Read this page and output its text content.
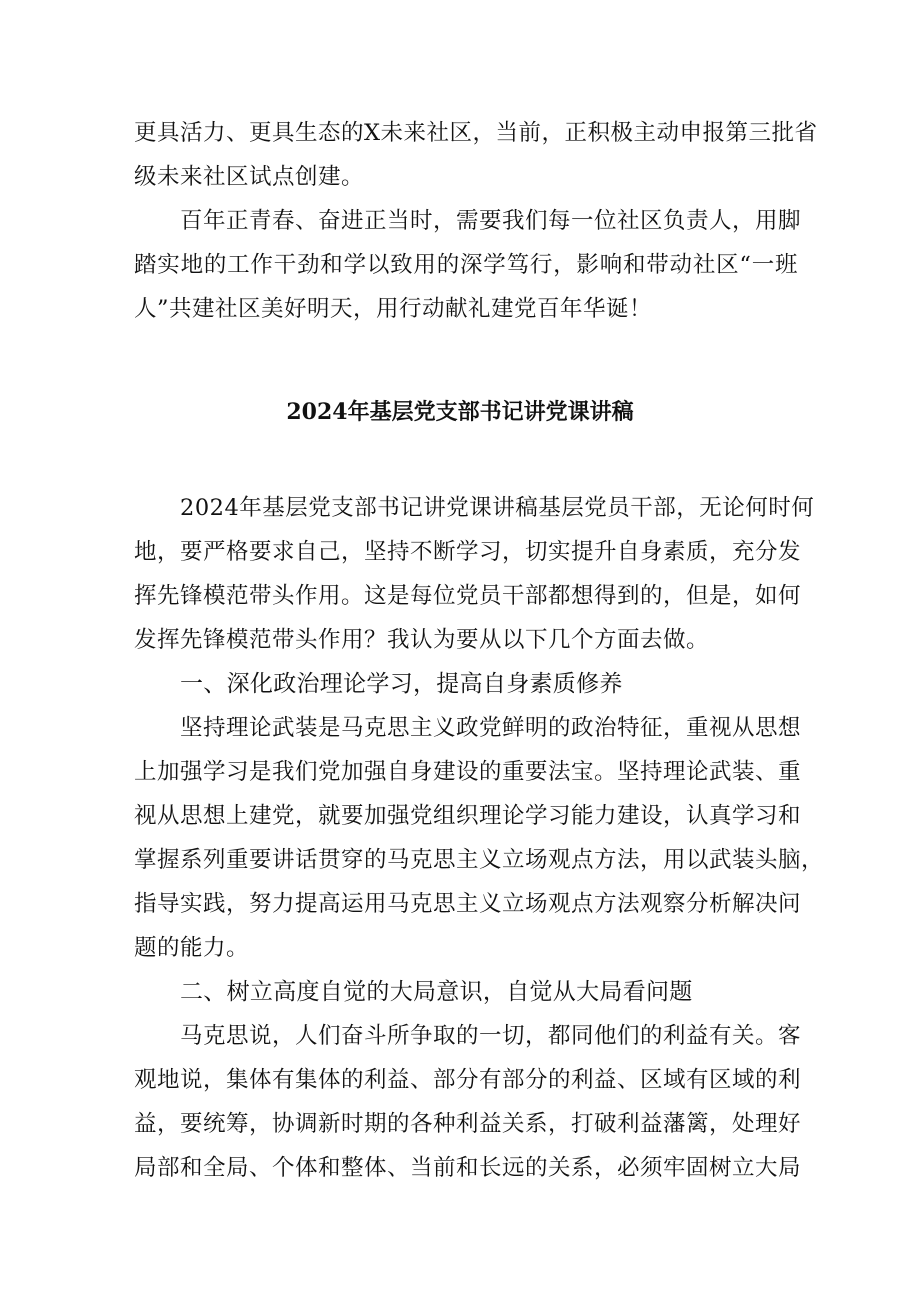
更具活力、更具生态的X未来社区，当前，正积极主动申报第三批省
级未来社区试点创建。
百年正青春、奋进正当时，需要我们每一位社区负责人，用脚
踏实地的工作干劲和学以致用的深学笃行，影响和带动社区“一班
人”共建社区美好明天，用行动献礼建党百年华诞！
2024年基层党支部书记讲党课讲稿
2024年基层党支部书记讲党课讲稿基层党员干部，无论何时何
地，要严格要求自己，坚持不断学习，切实提升自身素质，充分发
挥先锋模范带头作用。这是每位党员干部都想得到的，但是，如何
发挥先锋模范带头作用？我认为要从以下几个方面去做。
一、深化政治理论学习，提高自身素质修养
坚持理论武装是马克思主义政党鲜明的政治特征，重视从思想
上加强学习是我们党加强自身建设的重要法宝。坚持理论武装、重
视从思想上建党，就要加强党组织理论学习能力建设，认真学习和
掌握系列重要讲话贯穿的马克思主义立场观点方法，用以武装头脑，
指导实践，努力提高运用马克思主义立场观点方法观察分析解决问
题的能力。
二、树立高度自觉的大局意识，自觉从大局看问题
马克思说，人们奋斗所争取的一切，都同他们的利益有关。客
观地说，集体有集体的利益、部分有部分的利益、区域有区域的利
益，要统筹，协调新时期的各种利益关系，打破利益藩篱，处理好
局部和全局、个体和整体、当前和长远的关系，必须牢固树立大局
